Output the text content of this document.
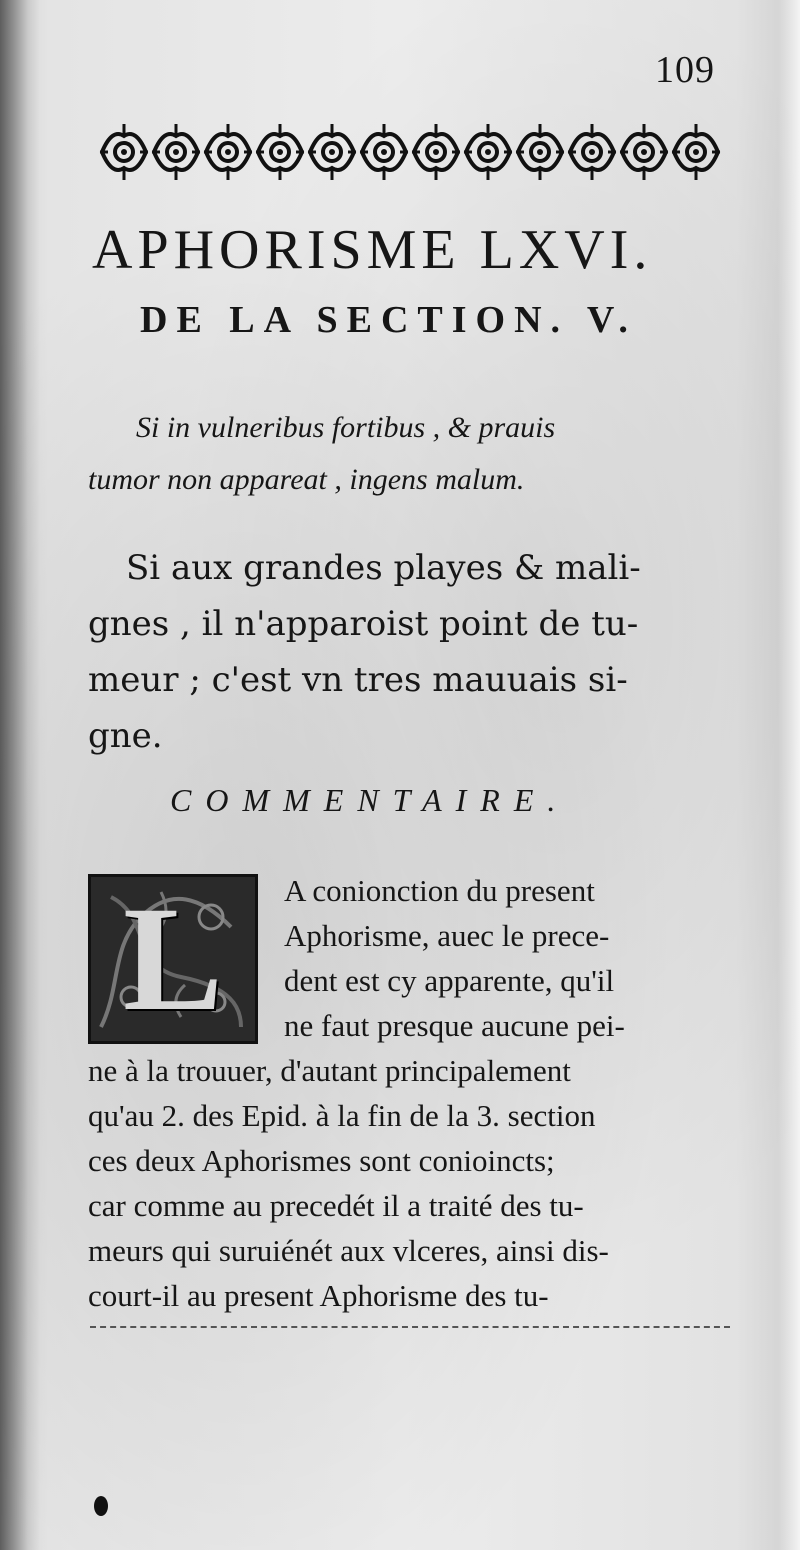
109
APHORISME LXVI.
DE LA SECTION. V.
Si in vulneribus fortibus , & prauis
tumor non appareat , ingens malum.
Si aux grandes playes & mali-
gnes , il n'apparoist point de tu-
meur ; c'est vn tres mauuais si-
gne.
COMMENTAIRE.
L	A conionction du present
Aphorisme, auec le prece-
dent est cy apparente, qu'il
ne faut presque aucune pei-
ne à la trouuer, d'autant principalement
qu'au 2. des Epid. à la fin de la 3. section
ces deux Aphorismes sont conioincts;
car comme au precedét il a traité des tu-
meurs qui suruiénét aux vlceres, ainsi dis-
court-il au present Aphorisme des tu-
